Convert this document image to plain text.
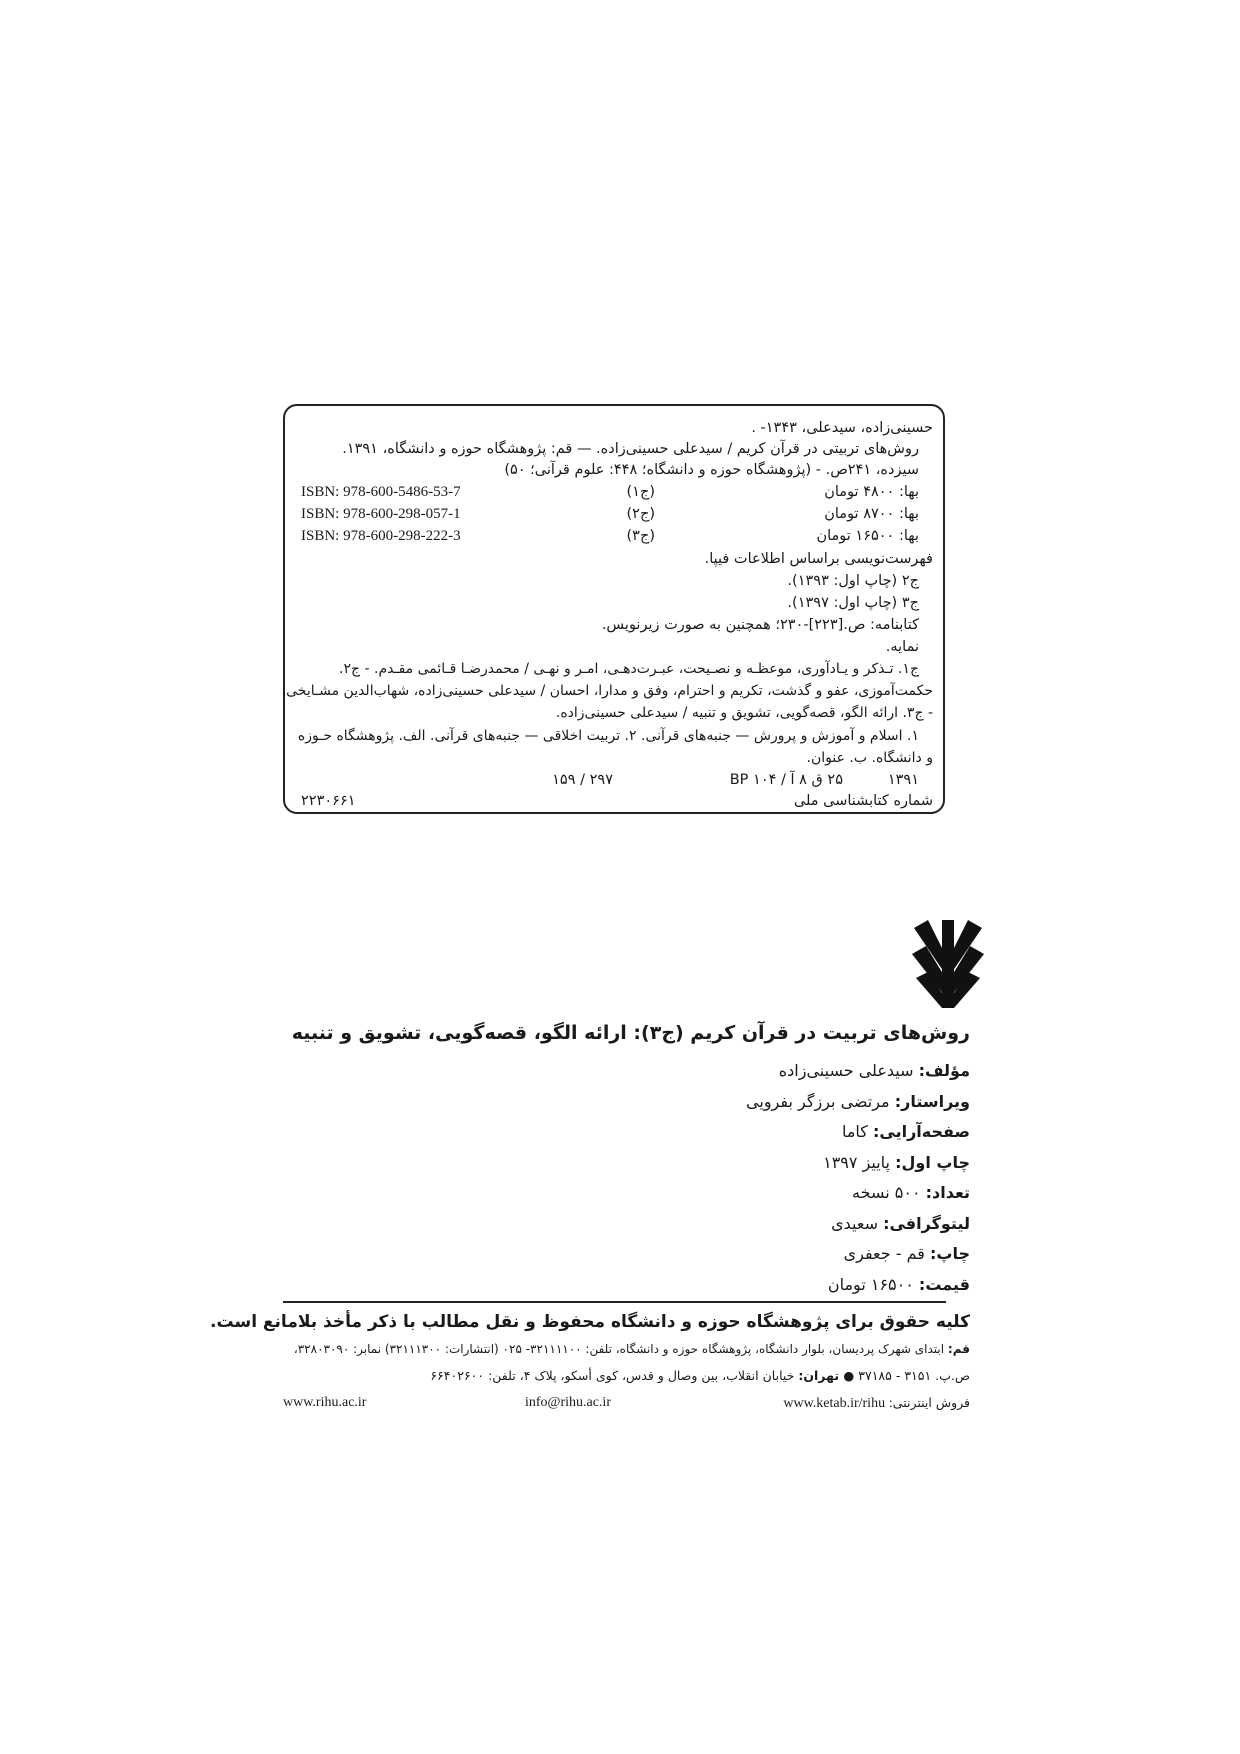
حسینی‌زاده، سیدعلی، ۱۳۴۳- .
روش‌های تربیتی در قرآن کریم / سیدعلی حسینی‌زاده. — قم: پژوهشگاه حوزه و دانشگاه، ۱۳۹۱.
سیزده، ۲۴۱ص. - (پژوهشگاه حوزه و دانشگاه؛ ۴۴۸: علوم قرآنی؛ ۵۰)
بها: ۴۸۰۰ تومان
(ج۱)
ISBN: 978-600-5486-53-7
بها: ۸۷۰۰ تومان
(ج۲)
ISBN: 978-600-298-057-1
بها: ۱۶۵۰۰ تومان
(ج۳)
ISBN: 978-600-298-222-3
فهرست‌نویسی براساس اطلاعات فیپا.
ج۲ (چاپ اول: ۱۳۹۳).
ج۳ (چاپ اول: ۱۳۹۷).
کتابنامه: ص.[۲۲۳]-۲۳۰؛ همچنین به صورت زیرنویس.
نمایه.
ج۱. تـذکر و یـادآوری، موعظـه و نصـیحت، عبـرت‌دهـی، امـر و نهـی / محمدرضـا قـائمی مقـدم. - ج۲.
حکمت‌آموزی، عفو و گذشت، تکریم و احترام، وفق و مدارا، احسان / سیدعلی حسینی‌زاده، شهاب‌الدین مشـایخی.
- ج۳. ارائه الگو، قصه‌گویی، تشویق و تنبیه / سیدعلی حسینی‌زاده.
۱. اسلام و آموزش و پرورش — جنبه‌های قرآنی. ۲. تربیت اخلاقی — جنبه‌های قرآنی. الف. پژوهشگاه حـوزه
و دانشگاه. ب. عنوان.
۱۳۹۱
۲۵ ق ۸ آ / BP ۱۰۴
۲۹۷ / ۱۵۹
شماره کتابشناسی ملی
۲۲۳۰۶۶۱
روش‌های تربیت در قرآن کریم (ج۳): ارائه الگو، قصه‌گویی، تشویق و تنبیه
مؤلف: سیدعلی حسینی‌زاده
ویراستار: مرتضی برزگر بفرویی
صفحه‌آرایی: کاما
چاپ اول: پاییز ۱۳۹۷
تعداد: ۵۰۰ نسخه
لیتوگرافی: سعیدی
چاپ: قم - جعفری
قیمت: ۱۶۵۰۰ تومان
کلیه حقوق برای پژوهشگاه حوزه و دانشگاه محفوظ و نقل مطالب با ذکر مأخذ بلامانع است.
قم: ابتدای شهرک پردیسان، بلوار دانشگاه، پژوهشگاه حوزه و دانشگاه، تلفن: ۳۲۱۱۱۱۰۰- ۰۲۵ (انتشارات: ۳۲۱۱۱۳۰۰) نمابر: ۳۲۸۰۳۰۹۰،
ص.پ. ۳۱۵۱ - ۳۷۱۸۵ ● تهران: خیابان انقلاب، بین وصال و قدس، کوی أسکو، پلاک ۴، تلفن: ۶۶۴۰۲۶۰۰
فروش اینترنتی: www.ketab.ir/rihu
info@rihu.ac.ir
www.rihu.ac.ir
